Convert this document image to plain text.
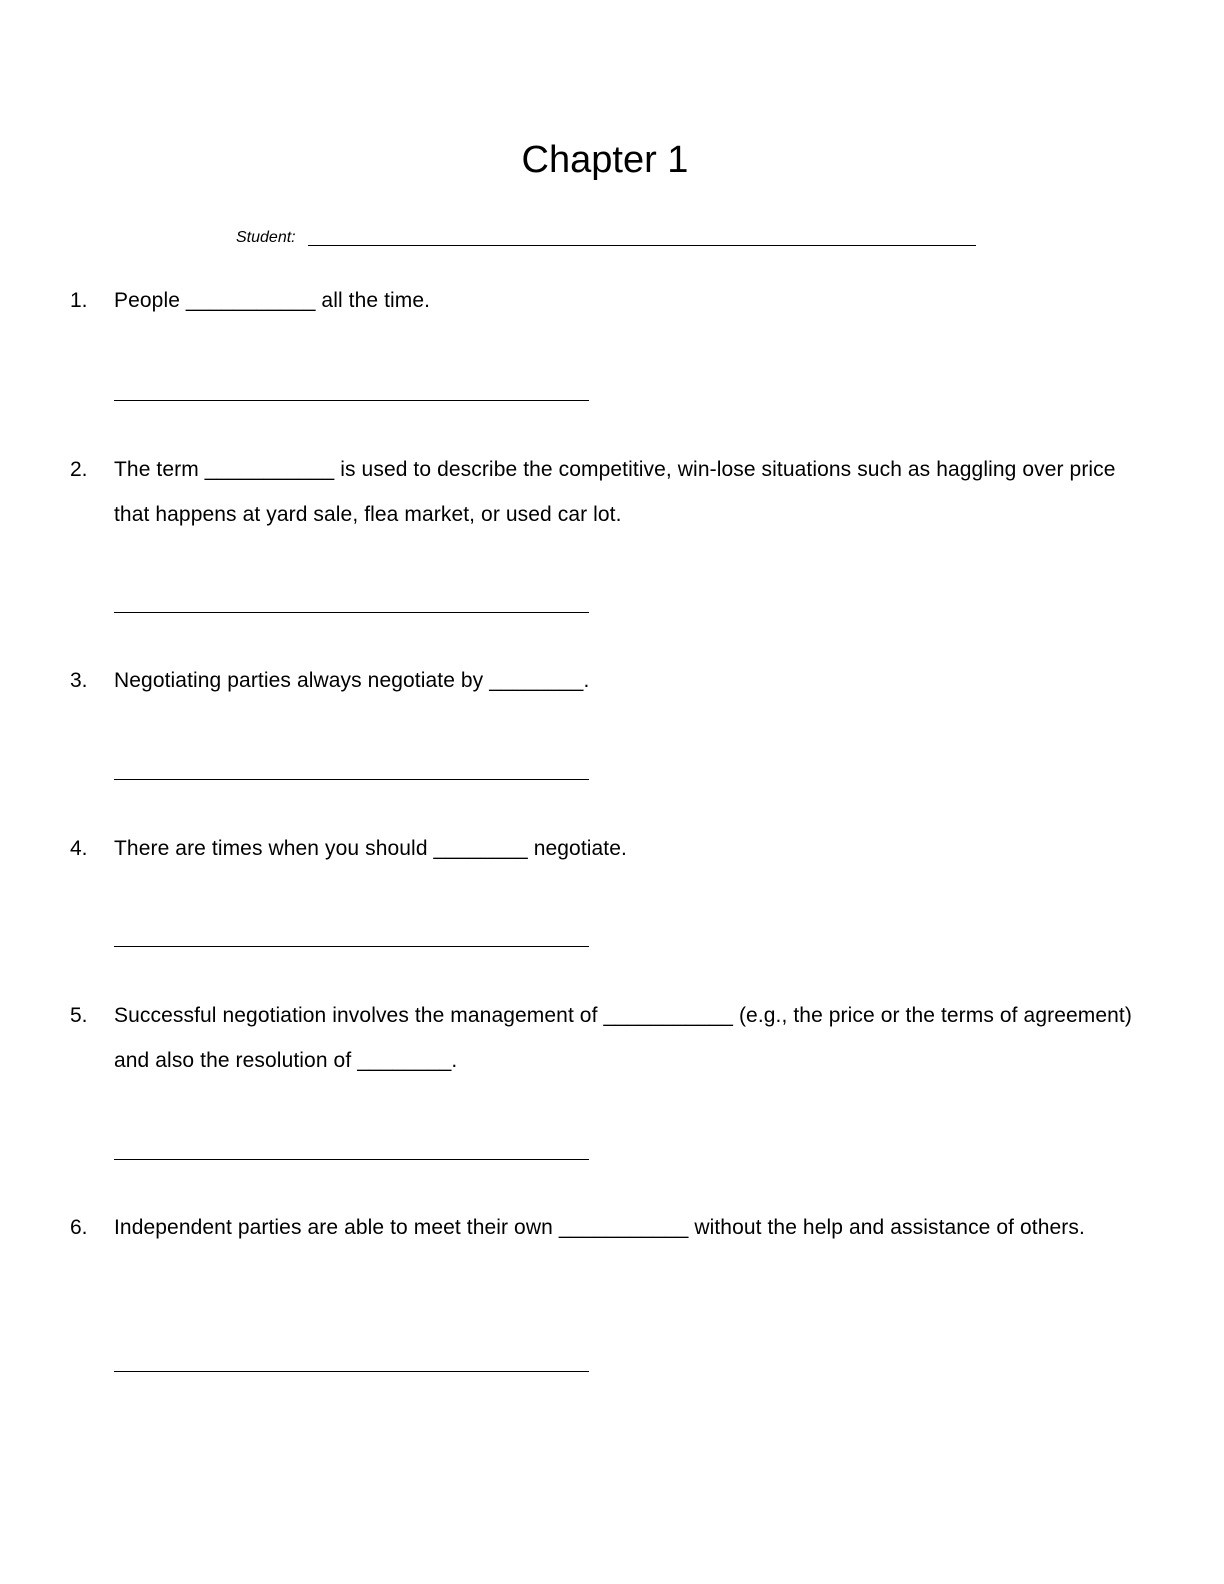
Chapter 1
Student:
1. People ___________ all the time.
2. The term ___________ is used to describe the competitive, win-lose situations such as haggling over price that happens at yard sale, flea market, or used car lot.
3. Negotiating parties always negotiate by ________.
4. There are times when you should ________ negotiate.
5. Successful negotiation involves the management of ___________ (e.g., the price or the terms of agreement) and also the resolution of ________.
6. Independent parties are able to meet their own ___________ without the help and assistance of others.
